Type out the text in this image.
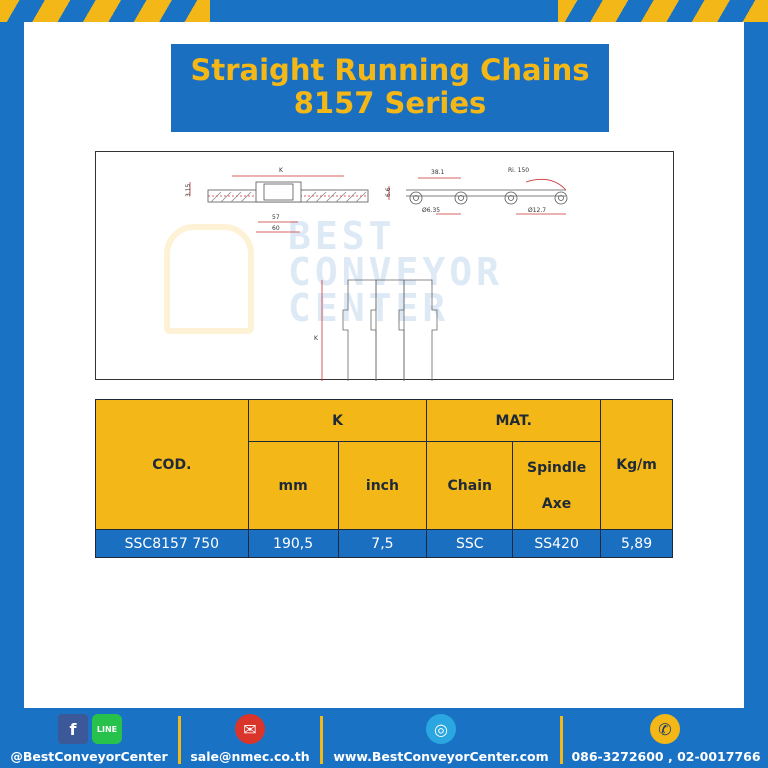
Straight Running Chains
8157 Series
BEST
CONVEYOR
CENTER
K
3.15
57
60
6.6
38.1	Ri. 150
Ø6.35	Ø12.7
K
COD.	K		MAT.		Kg/m
	mm	inch	Chain	Spindle
Axe	
SSC8157 750	190,5	7,5	SSC	SS420	5,89
f	LINE
@BestConveyorCenter
✉
sale@nmec.co.th
◎
www.BestConveyorCenter.com
✆
086-3272600 , 02-0017766
